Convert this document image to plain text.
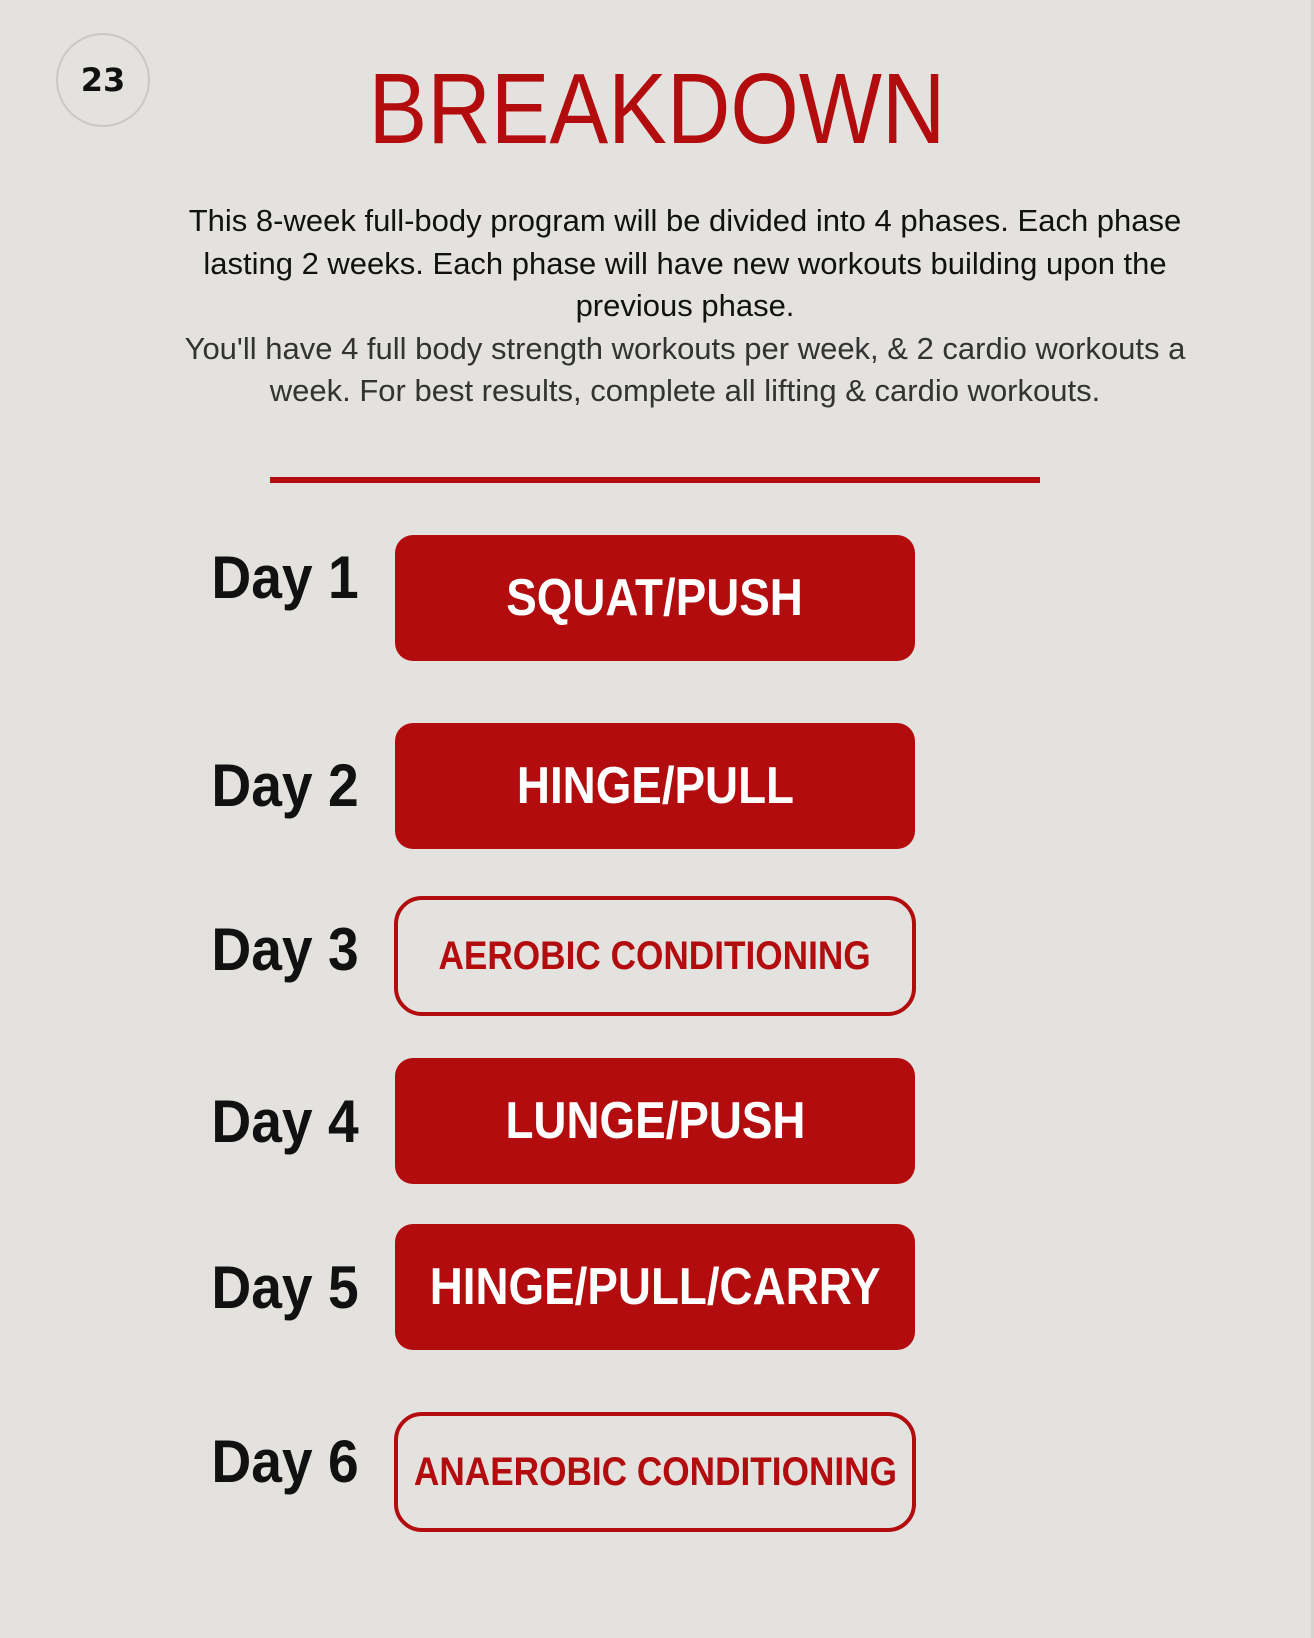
23	BREAKDOWN

This 8-week full-body program will be divided into 4 phases. Each phase lasting 2 weeks. Each phase will have new workouts building upon the previous phase.

You'll have 4 full body strength workouts per week, & 2 cardio workouts a week. For best results, complete all lifting & cardio workouts.

Day 1	SQUAT/PUSH
Day 2	HINGE/PULL
Day 3	AEROBIC CONDITIONING
Day 4	LUNGE/PUSH
Day 5	HINGE/PULL/CARRY
Day 6	ANAEROBIC CONDITIONING
